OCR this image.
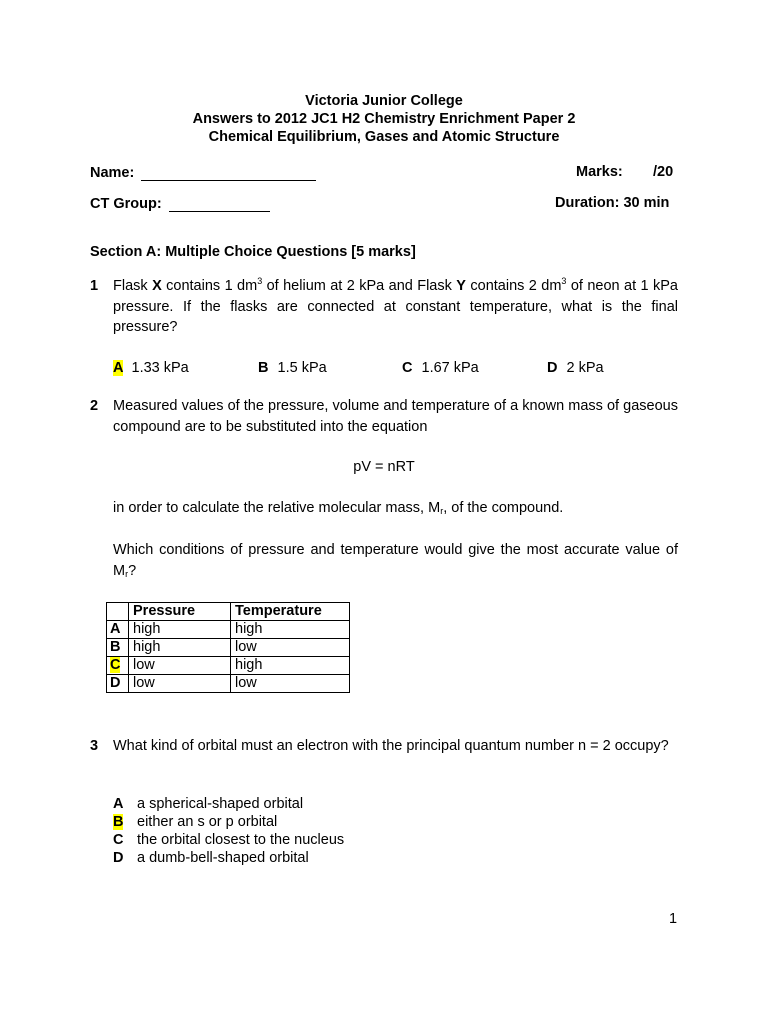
Victoria Junior College
Answers to 2012 JC1 H2 Chemistry Enrichment Paper 2
Chemical Equilibrium, Gases and Atomic Structure
Name:	Marks: /20
CT Group:	Duration: 30 min
Section A: Multiple Choice Questions [5 marks]
1 Flask X contains 1 $dm^3$ of helium at 2 kPa and Flask Y contains 2 $dm^3$ of neon at 1 kPa pressure. If the flasks are connected at constant temperature, what is the final pressure?
A 1.33 kPa	B 1.5 kPa	C 1.67 kPa	D 2 kPa
2 Measured values of the pressure, volume and temperature of a known mass of gaseous compound are to be substituted into the equation
pV = nRT
in order to calculate the relative molecular mass, $M_r$, of the compound.
Which conditions of pressure and temperature would give the most accurate value of $M_r$?
	Pressure	Temperature
A	high	high
B	high	low
C	low	high
D	low	low
3 What kind of orbital must an electron with the principal quantum number n = 2 occupy?
A a spherical-shaped orbital
B either an s or p orbital
C the orbital closest to the nucleus
D a dumb-bell-shaped orbital
1
